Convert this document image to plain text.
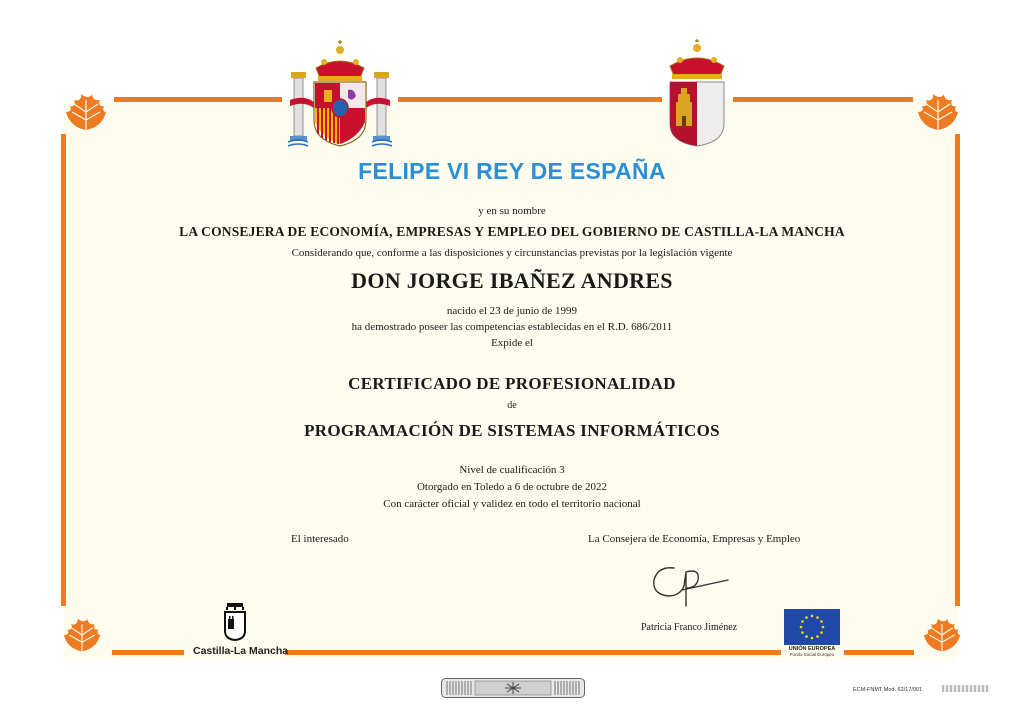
FELIPE VI REY DE ESPAÑA
y en su nombre
LA CONSEJERA DE ECONOMÍA, EMPRESAS Y EMPLEO DEL GOBIERNO DE CASTILLA-LA MANCHA
Considerando que, conforme a las disposiciones y circunstancias previstas por la legislación vigente
DON JORGE IBAÑEZ ANDRES
nacido el 23 de junio de 1999
ha demostrado poseer las competencias establecidas en el R.D. 686/2011
Expide el
CERTIFICADO DE PROFESIONALIDAD
de
PROGRAMACIÓN DE SISTEMAS INFORMÁTICOS
Nivel de cualificación 3
Otorgado en Toledo a 6 de octubre de 2022
Con carácter oficial y validez en todo el territorio nacional
El interesado	La Consejera de Economía, Empresas y Empleo
Patricia Franco Jiménez
Castilla-La Mancha	UNIÓN EUROPEA
Fondo Social Europeo
ECM-FNMT Mod. 62/17/001
